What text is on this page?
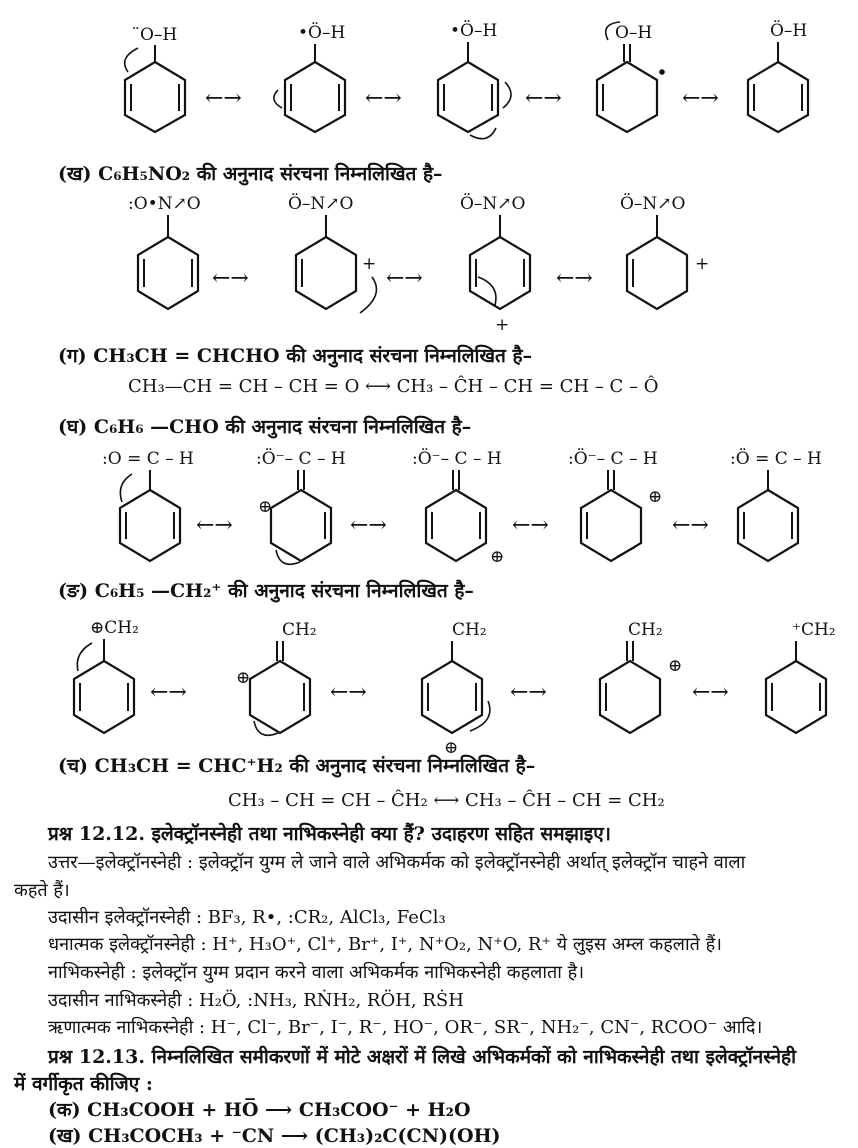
̈O–H
←→
•Ö–H
←→
•Ö–H
←→
O–H
←→
Ö–H
(ख) C₆H₅NO₂ की अनुनाद संरचना निम्नलिखित है–
:O•N↗O
←→
Ö–N↗O
+
←→
Ö–N↗O
+
←→
Ö–N↗O
+
(ग) CH₃CH = CHCHO की अनुनाद संरचना निम्नलिखित है–
CH₃—CH = CH – CH = O ⟷ CH₃ – ĈH – CH = CH – C – Ô
(घ) C₆H₆ —CHO की अनुनाद संरचना निम्नलिखित है–
:O = C – H
←→
:Ö⁻– C – H
⊕
←→
:Ö⁻– C – H
⊕
←→
:Ö⁻– C – H
⊕
←→
:Ö = C – H
(ङ) C₆H₅ —CH₂⁺ की अनुनाद संरचना निम्नलिखित है–
⊕CH₂
←→
CH₂
⊕
←→
CH₂
⊕
←→
CH₂
⊕
←→
⁺CH₂
(च) CH₃CH = CHC⁺H₂ की अनुनाद संरचना निम्नलिखित है–
CH₃ – CH = CH – ĈH₂ ⟷ CH₃ – ĈH – CH = CH₂
प्रश्न 12.12. इलेक्ट्रॉनस्नेही तथा नाभिकस्नेही क्या हैं? उदाहरण सहित समझाइए।
उत्तर—इलेक्ट्रॉनस्नेही : इलेक्ट्रॉन युग्म ले जाने वाले अभिकर्मक को इलेक्ट्रॉनस्नेही अर्थात् इलेक्ट्रॉन चाहने वाला
कहते हैं।
उदासीन इलेक्ट्रॉनस्नेही : BF₃, R•, :CR₂, AlCl₃, FeCl₃
धनात्मक इलेक्ट्रॉनस्नेही : H⁺, H₃O⁺, Cl⁺, Br⁺, I⁺, N⁺O₂, N⁺O, R⁺ ये लुइस अम्ल कहलाते हैं।
नाभिकस्नेही : इलेक्ट्रॉन युग्म प्रदान करने वाला अभिकर्मक नाभिकस्नेही कहलाता है।
उदासीन नाभिकस्नेही : H₂Ö, :NH₃, RṄH₂, RÖH, RṠH
ऋणात्मक नाभिकस्नेही : H⁻, Cl⁻, Br⁻, I⁻, R⁻, HO⁻, OR⁻, SR⁻, NH₂⁻, CN⁻, RCOO⁻ आदि।
प्रश्न 12.13. निम्नलिखित समीकरणों में मोटे अक्षरों में लिखे अभिकर्मकों को नाभिकस्नेही तथा इलेक्ट्रॉनस्नेही
में वर्गीकृत कीजिए :
(क) CH₃COOH + HO̅ ⟶ CH₃COO⁻ + H₂O
(ख) CH₃COCH₃ + ⁻CN ⟶ (CH₃)₂C(CN)(OH)
